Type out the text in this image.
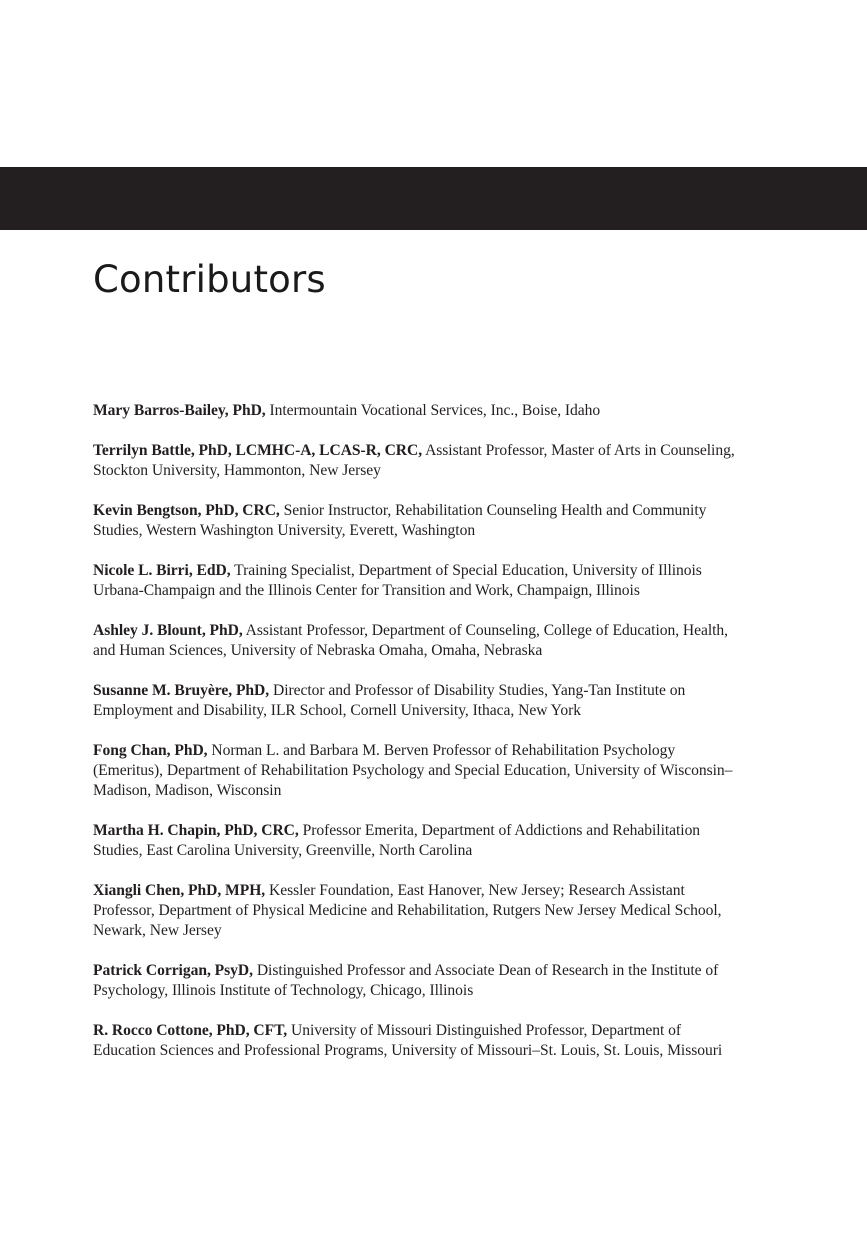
Contributors
Mary Barros-Bailey, PhD, Intermountain Vocational Services, Inc., Boise, Idaho
Terrilyn Battle, PhD, LCMHC-A, LCAS-R, CRC, Assistant Professor, Master of Arts in Counseling, Stockton University, Hammonton, New Jersey
Kevin Bengtson, PhD, CRC, Senior Instructor, Rehabilitation Counseling Health and Community Studies, Western Washington University, Everett, Washington
Nicole L. Birri, EdD, Training Specialist, Department of Special Education, University of Illinois Urbana-Champaign and the Illinois Center for Transition and Work, Champaign, Illinois
Ashley J. Blount, PhD, Assistant Professor, Department of Counseling, College of Education, Health, and Human Sciences, University of Nebraska Omaha, Omaha, Nebraska
Susanne M. Bruyère, PhD, Director and Professor of Disability Studies, Yang-Tan Institute on Employment and Disability, ILR School, Cornell University, Ithaca, New York
Fong Chan, PhD, Norman L. and Barbara M. Berven Professor of Rehabilitation Psychology (Emeritus), Department of Rehabilitation Psychology and Special Education, University of Wisconsin–Madison, Madison, Wisconsin
Martha H. Chapin, PhD, CRC, Professor Emerita, Department of Addictions and Rehabilitation Studies, East Carolina University, Greenville, North Carolina
Xiangli Chen, PhD, MPH, Kessler Foundation, East Hanover, New Jersey; Research Assistant Professor, Department of Physical Medicine and Rehabilitation, Rutgers New Jersey Medical School, Newark, New Jersey
Patrick Corrigan, PsyD, Distinguished Professor and Associate Dean of Research in the Institute of Psychology, Illinois Institute of Technology, Chicago, Illinois
R. Rocco Cottone, PhD, CFT, University of Missouri Distinguished Professor, Department of Education Sciences and Professional Programs, University of Missouri–St. Louis, St. Louis, Missouri
